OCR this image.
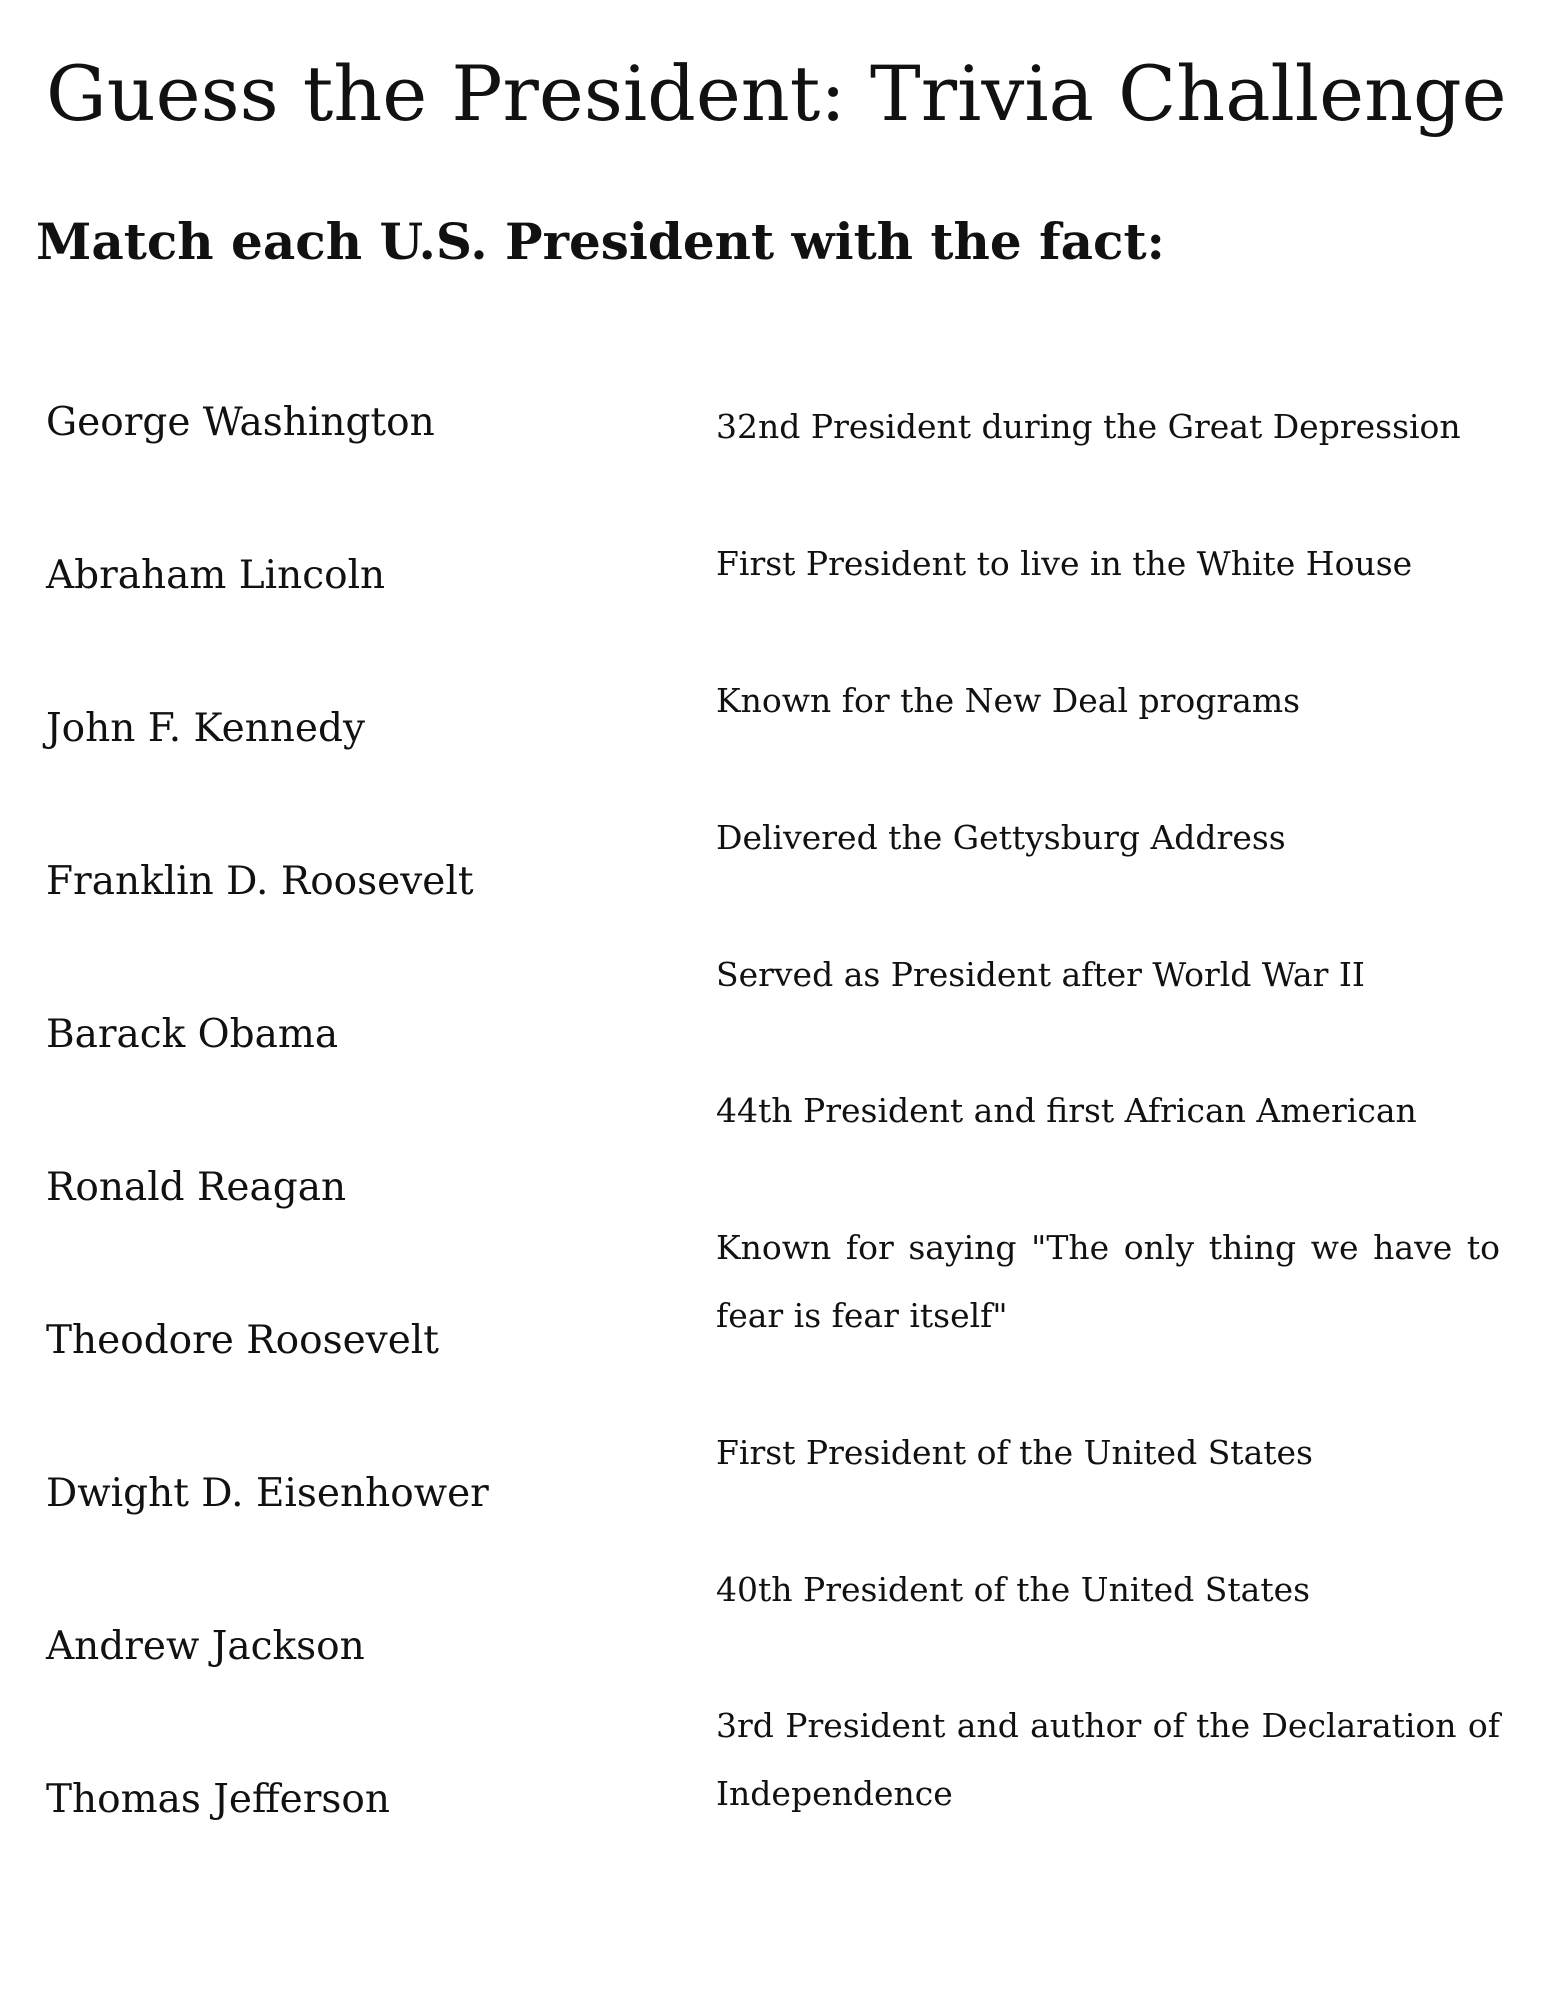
Guess the President: Trivia Challenge
Match each U.S. President with the fact:
George Washington
Abraham Lincoln
John F. Kennedy
Franklin D. Roosevelt
Barack Obama
Ronald Reagan
Theodore Roosevelt
Dwight D. Eisenhower
Andrew Jackson
Thomas Jefferson
32nd President during the Great Depression
First President to live in the White House
Known for the New Deal programs
Delivered the Gettysburg Address
Served as President after World War II
44th President and first African American
Known for saying "The only thing we have to fear is fear itself"
First President of the United States
40th President of the United States
3rd President and author of the Declaration of Independence
